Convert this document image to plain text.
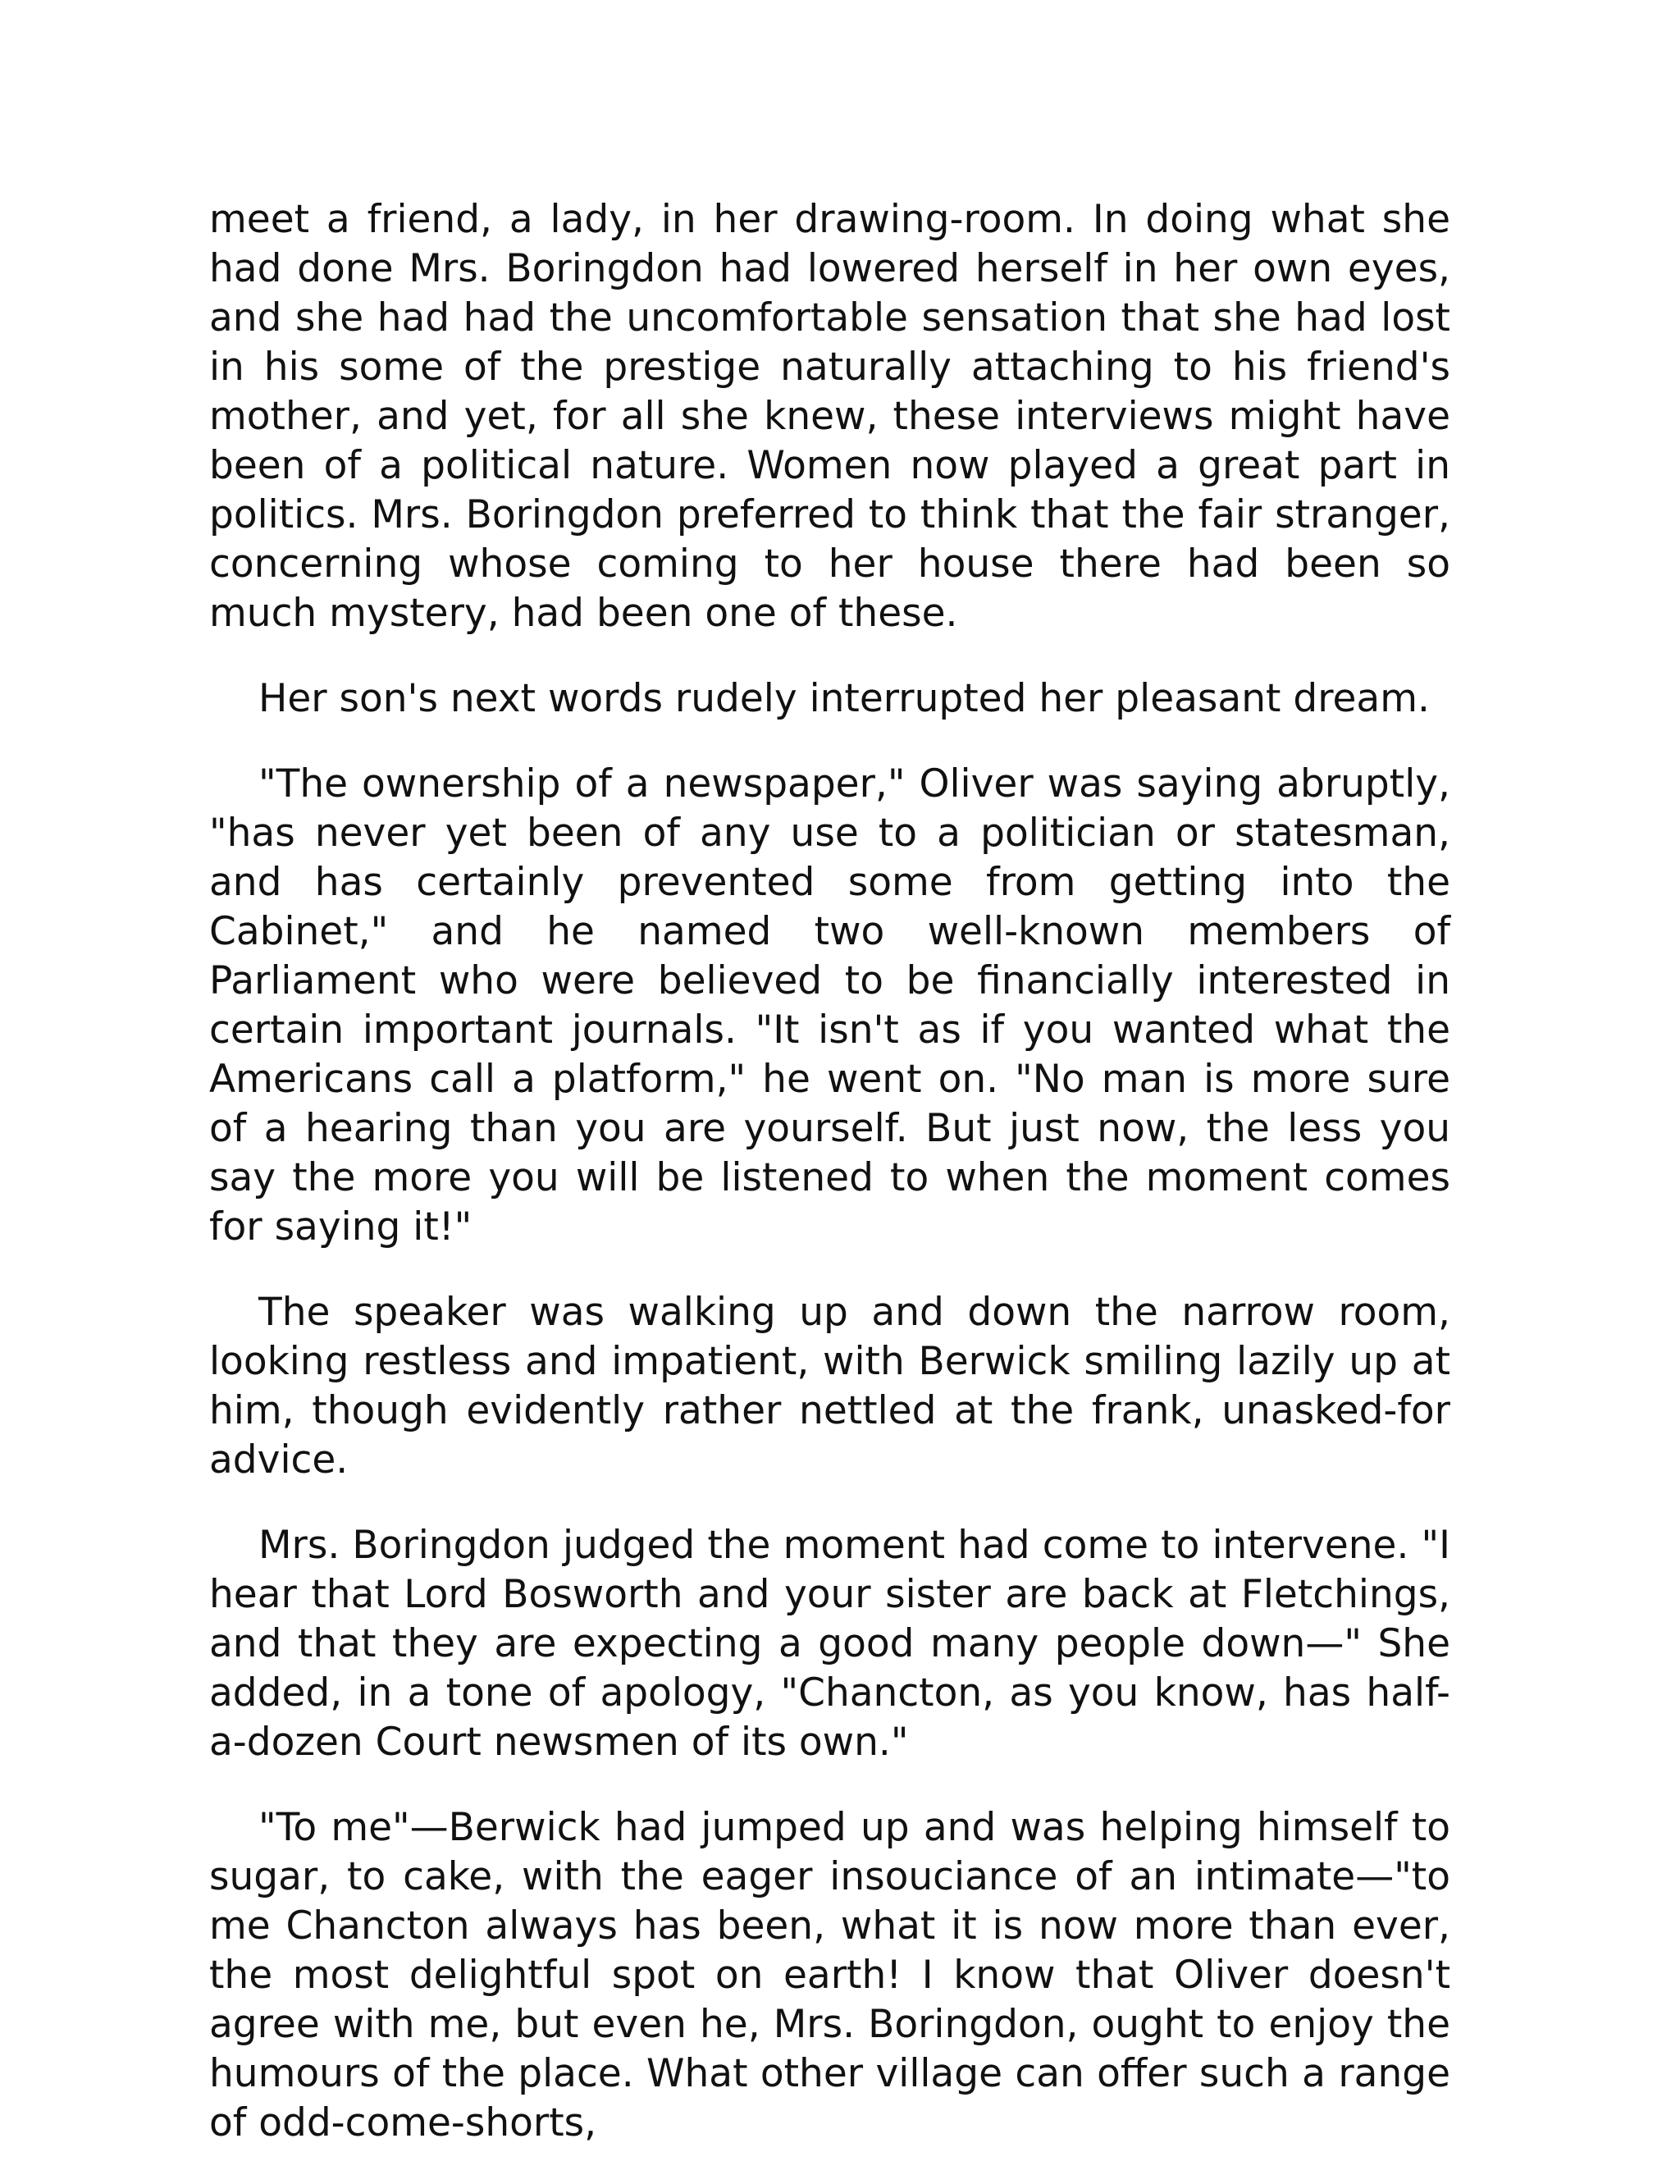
meet a friend, a lady, in her drawing-room. In doing what she had done Mrs. Boringdon had lowered herself in her own eyes, and she had had the uncomfortable sensation that she had lost in his some of the prestige naturally attaching to his friend's mother, and yet, for all she knew, these interviews might have been of a political nature. Women now played a great part in politics. Mrs. Boringdon preferred to think that the fair stranger, concerning whose coming to her house there had been so much mystery, had been one of these.

Her son's next words rudely interrupted her pleasant dream.

"The ownership of a newspaper," Oliver was saying abruptly, "has never yet been of any use to a politician or statesman, and has certainly prevented some from getting into the Cabinet," and he named two well-known members of Parliament who were believed to be financially interested in certain important journals. "It isn't as if you wanted what the Americans call a platform," he went on. "No man is more sure of a hearing than you are yourself. But just now, the less you say the more you will be listened to when the moment comes for saying it!"

The speaker was walking up and down the narrow room, looking restless and impatient, with Berwick smiling lazily up at him, though evidently rather nettled at the frank, unasked-for advice.

Mrs. Boringdon judged the moment had come to intervene. "I hear that Lord Bosworth and your sister are back at Fletchings, and that they are expecting a good many people down—" She added, in a tone of apology, "Chancton, as you know, has half-a-dozen Court newsmen of its own."

"To me"—Berwick had jumped up and was helping himself to sugar, to cake, with the eager insouciance of an intimate—"to me Chancton always has been, what it is now more than ever, the most delightful spot on earth! I know that Oliver doesn't agree with me, but even he, Mrs. Boringdon, ought to enjoy the humours of the place. What other village can offer such a range of odd-come-shorts,
